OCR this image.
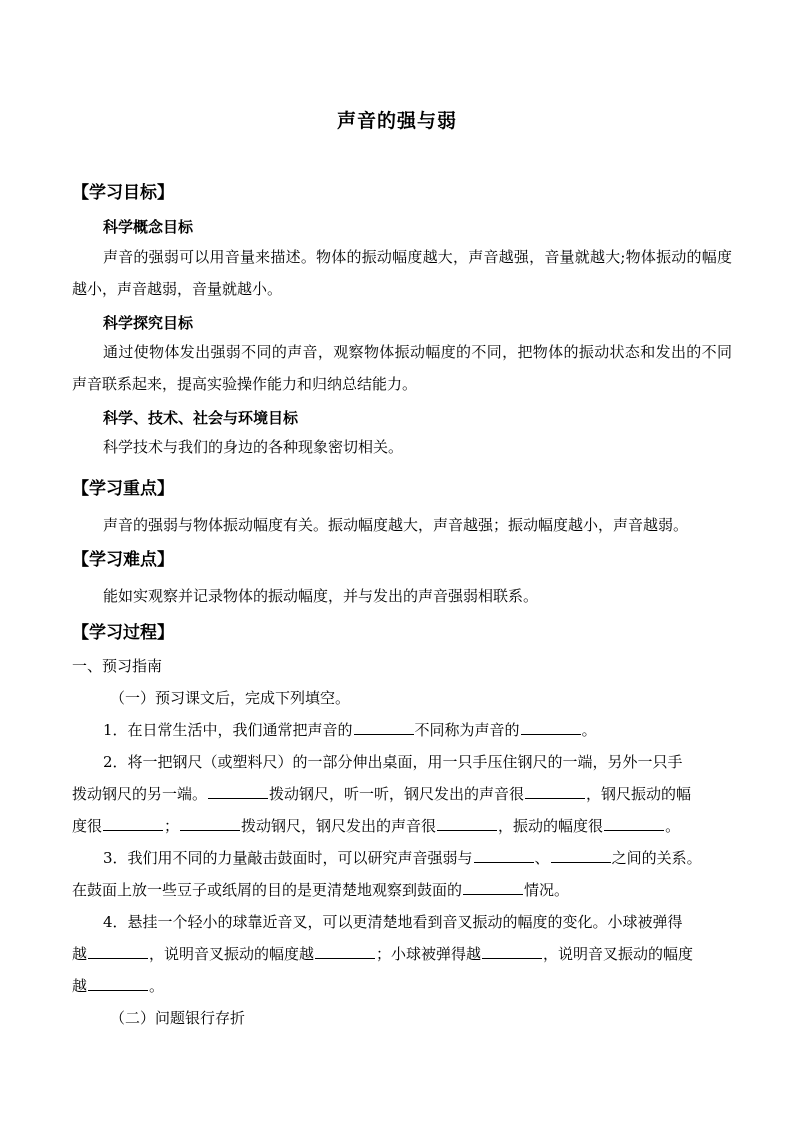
声音的强与弱
【学习目标】
科学概念目标
声音的强弱可以用音量来描述。物体的振动幅度越大，声音越强，音量就越大;物体振动的幅度越小，声音越弱，音量就越小。
科学探究目标
通过使物体发出强弱不同的声音，观察物体振动幅度的不同，把物体的振动状态和发出的不同声音联系起来，提高实验操作能力和归纳总结能力。
科学、技术、社会与环境目标
科学技术与我们的身边的各种现象密切相关。
【学习重点】
声音的强弱与物体振动幅度有关。振动幅度越大，声音越强；振动幅度越小，声音越弱。
【学习难点】
能如实观察并记录物体的振动幅度，并与发出的声音强弱相联系。
【学习过程】
一、预习指南
（一）预习课文后，完成下列填空。
1．在日常生活中，我们通常把声音的	不同称为声音的	。
2．将一把钢尺（或塑料尺）的一部分伸出桌面，用一只手压住钢尺的一端，另外一只手
拨动钢尺的另一端。	拨动钢尺，听一听，钢尺发出的声音很	，钢尺振动的幅
度很	；	拨动钢尺，钢尺发出的声音很	，振动的幅度很	。
3．我们用不同的力量敲击鼓面时，可以研究声音强弱与	、	之间的关系。
在鼓面上放一些豆子或纸屑的目的是更清楚地观察到鼓面的	情况。
4．悬挂一个轻小的球靠近音叉，可以更清楚地看到音叉振动的幅度的变化。小球被弹得
越	，说明音叉振动的幅度越	；小球被弹得越	，说明音叉振动的幅度
越	。
（二）问题银行存折
